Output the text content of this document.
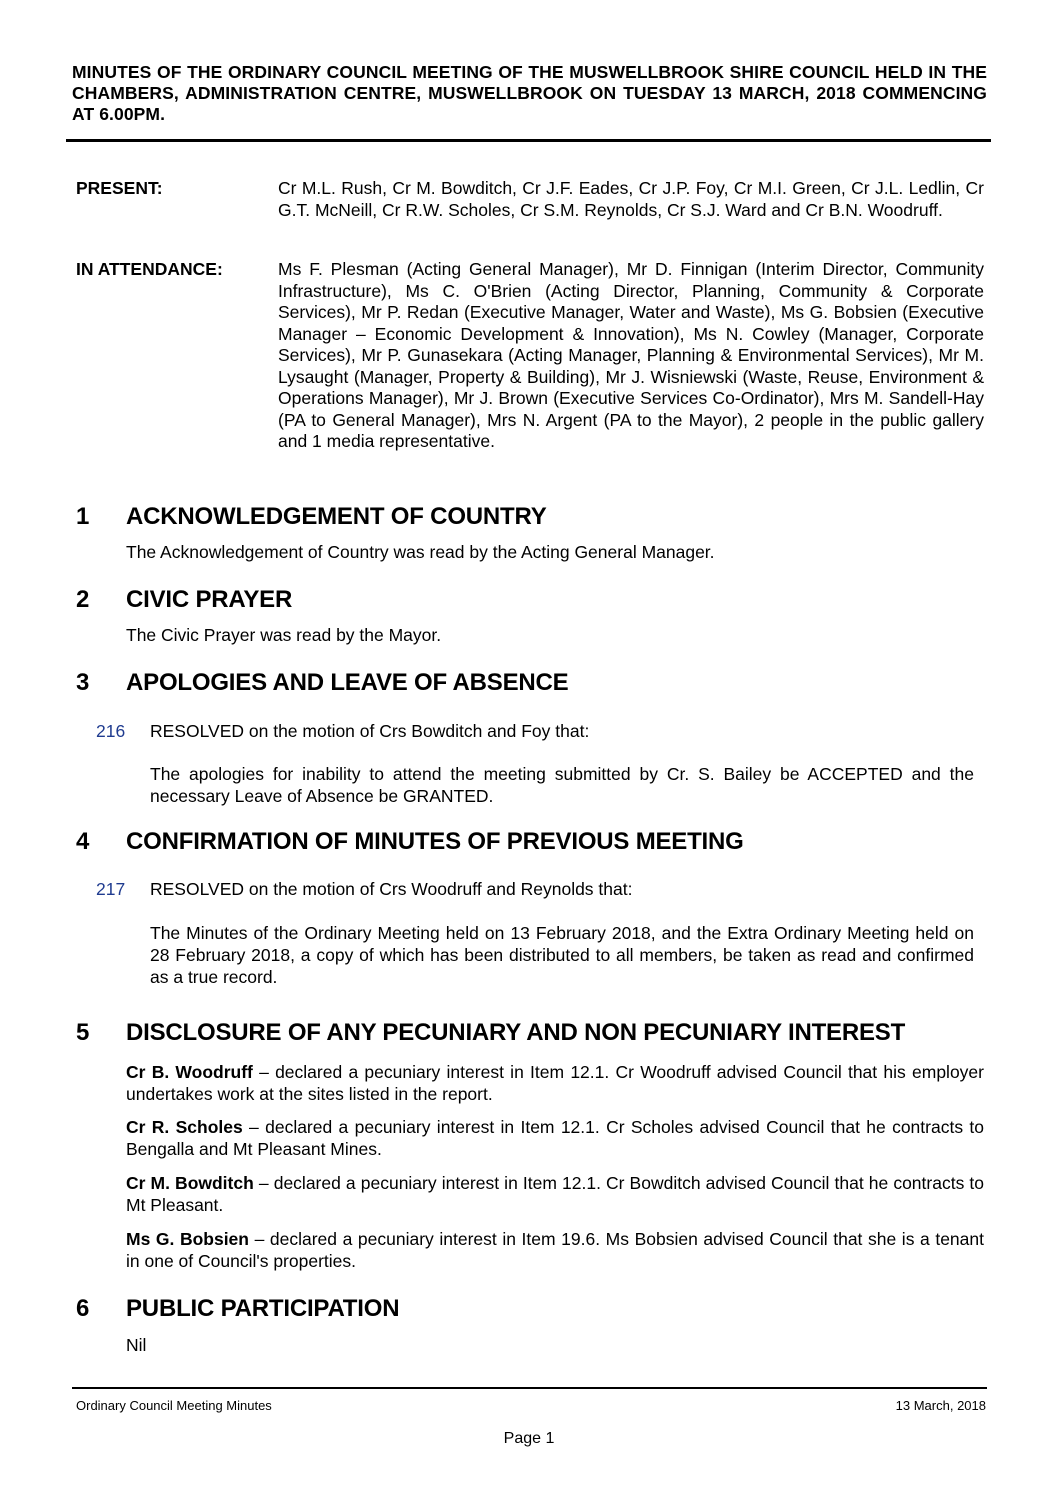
MINUTES OF THE ORDINARY COUNCIL MEETING OF THE MUSWELLBROOK SHIRE COUNCIL HELD IN THE CHAMBERS, ADMINISTRATION CENTRE, MUSWELLBROOK ON TUESDAY 13 MARCH, 2018 COMMENCING AT 6.00PM.
PRESENT:	Cr M.L. Rush, Cr M. Bowditch, Cr J.F. Eades, Cr J.P. Foy, Cr M.I. Green, Cr J.L. Ledlin, Cr G.T. McNeill, Cr R.W. Scholes, Cr S.M. Reynolds, Cr S.J. Ward and Cr B.N. Woodruff.
IN ATTENDANCE:	Ms F. Plesman (Acting General Manager), Mr D. Finnigan (Interim Director, Community Infrastructure), Ms C. O'Brien (Acting Director, Planning, Community & Corporate Services), Mr P. Redan (Executive Manager, Water and Waste), Ms G. Bobsien (Executive Manager – Economic Development & Innovation), Ms N. Cowley (Manager, Corporate Services), Mr P. Gunasekara (Acting Manager, Planning & Environmental Services), Mr M. Lysaught (Manager, Property & Building), Mr J. Wisniewski (Waste, Reuse, Environment & Operations Manager), Mr J. Brown (Executive Services Co-Ordinator), Mrs M. Sandell-Hay (PA to General Manager), Mrs N. Argent (PA to the Mayor), 2 people in the public gallery and 1 media representative.
1 ACKNOWLEDGEMENT OF COUNTRY
The Acknowledgement of Country was read by the Acting General Manager.
2 CIVIC PRAYER
The Civic Prayer was read by the Mayor.
3 APOLOGIES AND LEAVE OF ABSENCE
216 RESOLVED on the motion of Crs Bowditch and Foy that:
The apologies for inability to attend the meeting submitted by Cr. S. Bailey be ACCEPTED and the necessary Leave of Absence be GRANTED.
4 CONFIRMATION OF MINUTES OF PREVIOUS MEETING
217 RESOLVED on the motion of Crs Woodruff and Reynolds that:
The Minutes of the Ordinary Meeting held on 13 February 2018, and the Extra Ordinary Meeting held on 28 February 2018, a copy of which has been distributed to all members, be taken as read and confirmed as a true record.
5 DISCLOSURE OF ANY PECUNIARY AND NON PECUNIARY INTEREST
Cr B. Woodruff – declared a pecuniary interest in Item 12.1. Cr Woodruff advised Council that his employer undertakes work at the sites listed in the report.
Cr R. Scholes – declared a pecuniary interest in Item 12.1. Cr Scholes advised Council that he contracts to Bengalla and Mt Pleasant Mines.
Cr M. Bowditch – declared a pecuniary interest in Item 12.1. Cr Bowditch advised Council that he contracts to Mt Pleasant.
Ms G. Bobsien – declared a pecuniary interest in Item 19.6. Ms Bobsien advised Council that she is a tenant in one of Council's properties.
6 PUBLIC PARTICIPATION
Nil
Ordinary Council Meeting Minutes	13 March, 2018
Page 1
